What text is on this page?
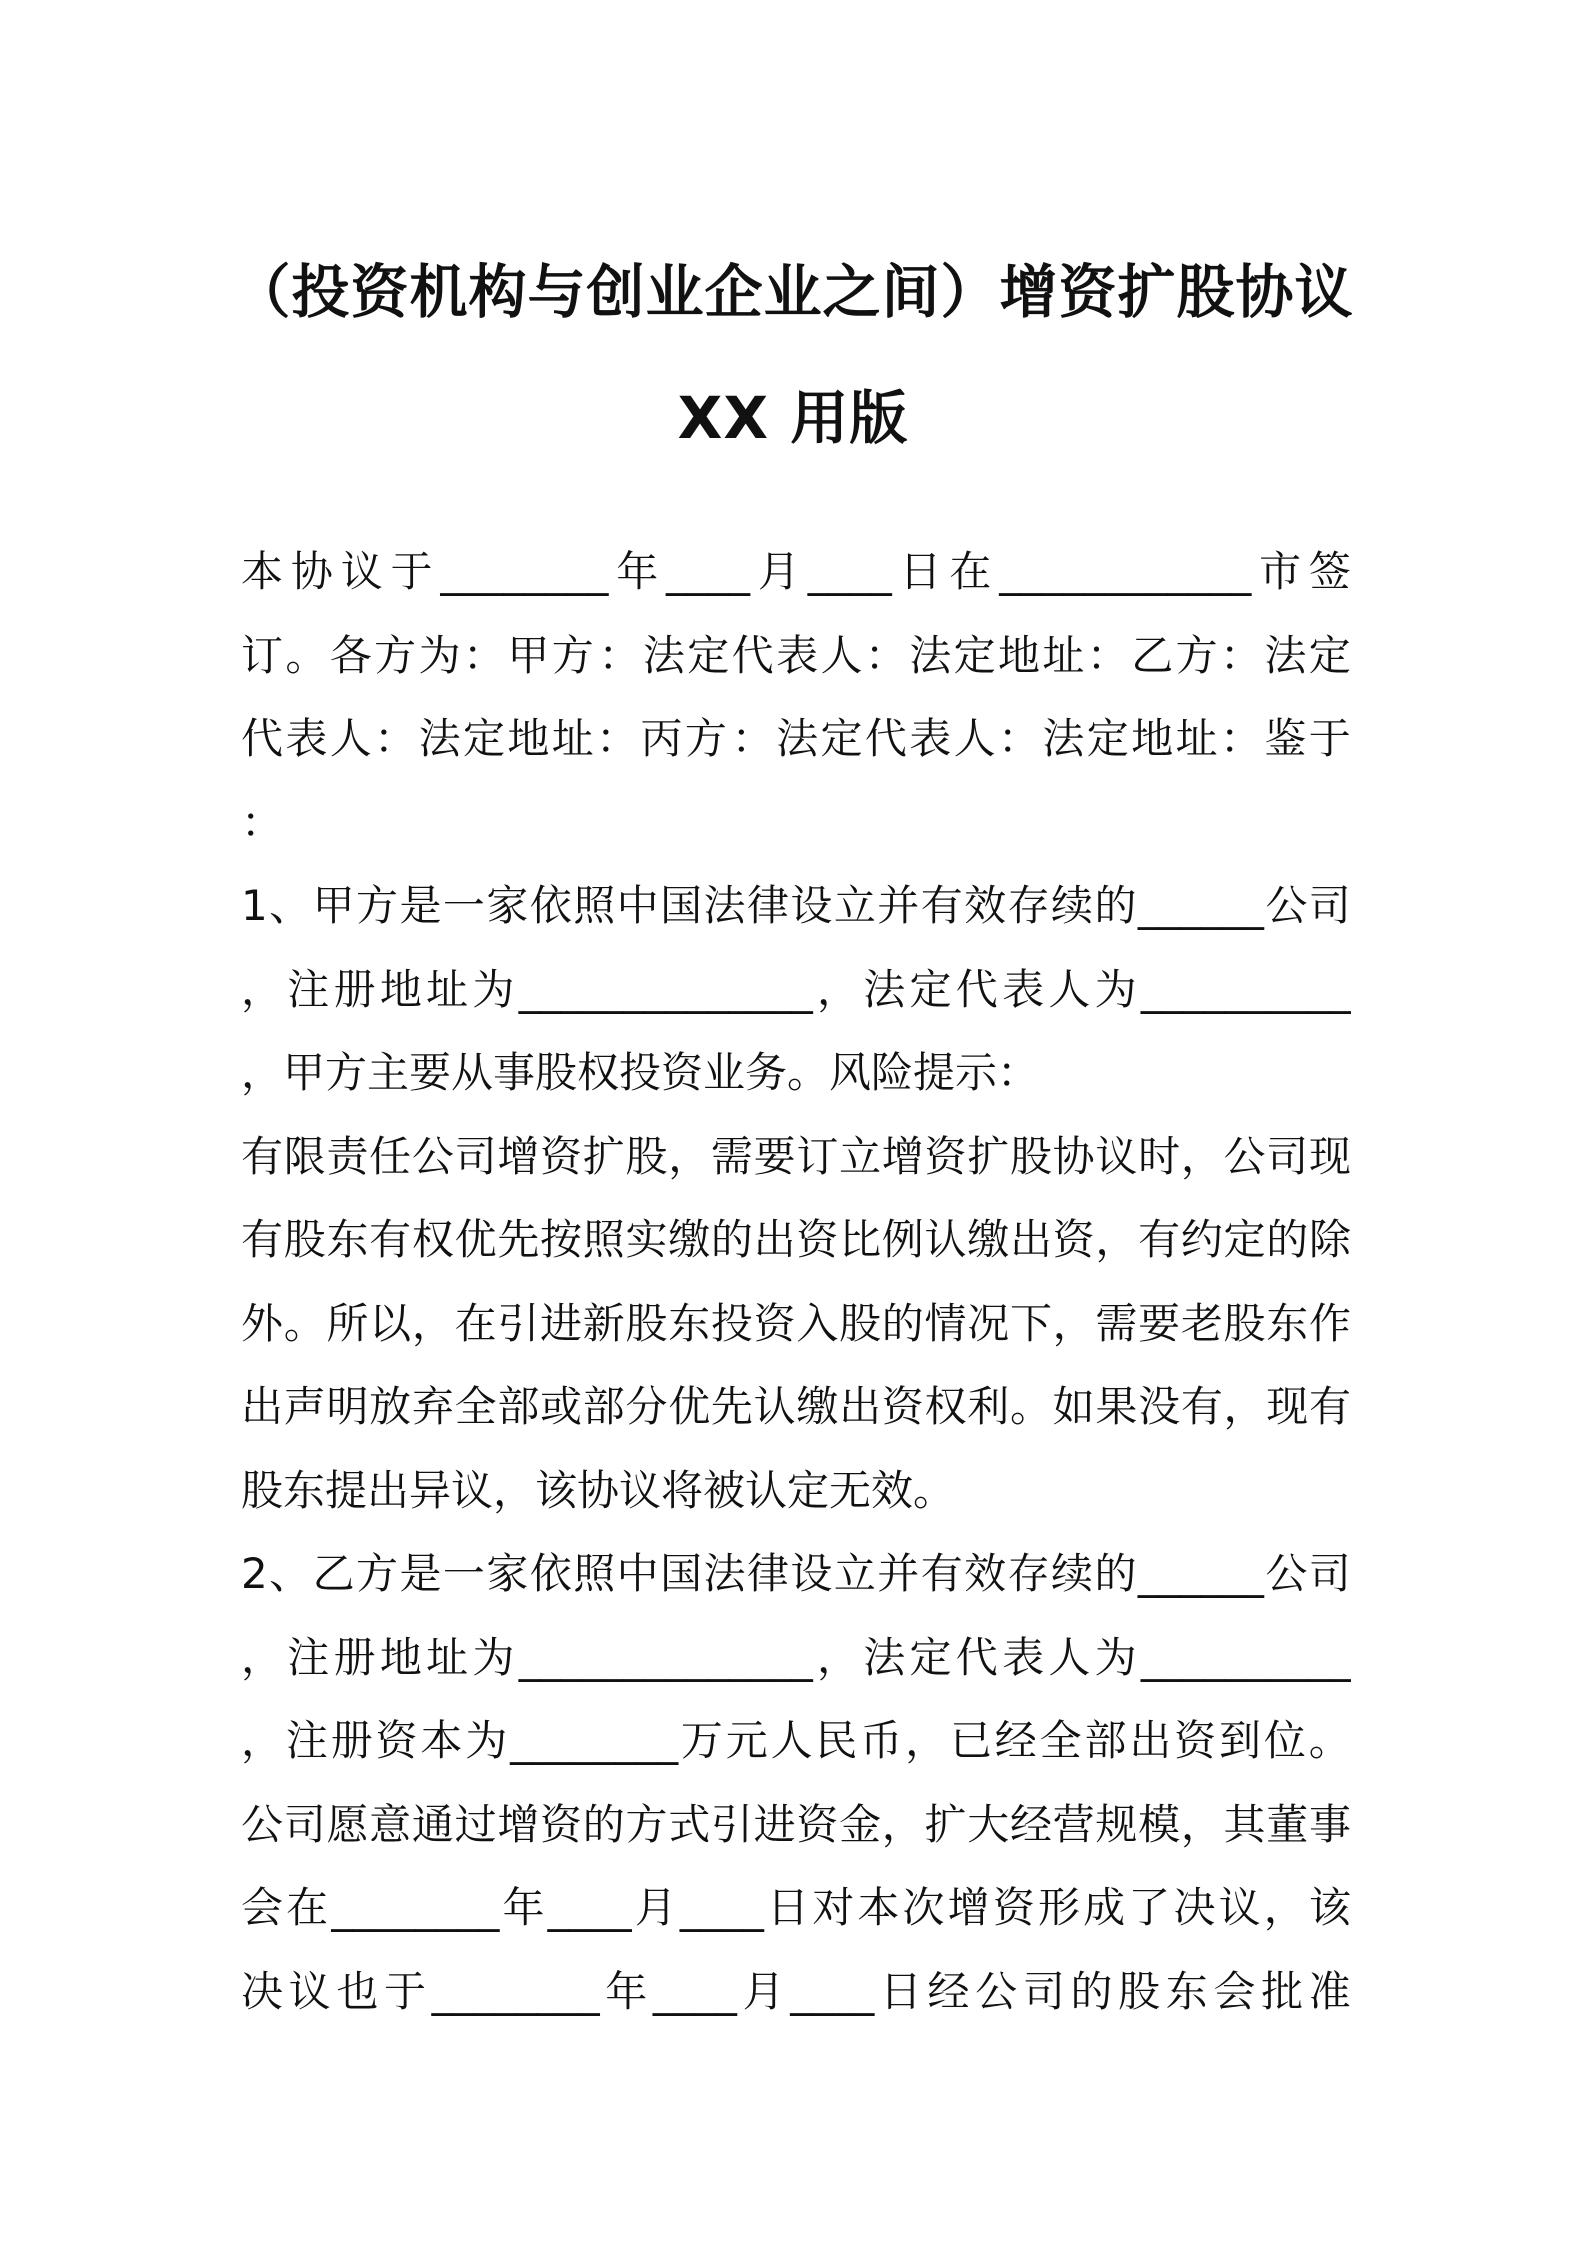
（投资机构与创业企业之间）增资扩股协议
XX 用版
本 协 议 于 ________ 年 ____ 月 ____ 日 在 ____________ 市 签
订 。 各 方 为 ： 甲 方 ： 法 定 代 表 人 ： 法 定 地 址 ： 乙 方 ： 法 定
代 表 人 ： 法 定 地 址 ： 丙 方 ： 法 定 代 表 人 ： 法 定 地 址 ： 鉴 于
：
1 、 甲 方 是 一 家 依 照 中 国 法 律 设 立 并 有 效 存 续 的 ______ 公 司
， 注 册 地 址 为 ______________ ， 法 定 代 表 人 为 __________
，甲方主要从事股权投资业务。风险提示：
有 限 责 任 公 司 增 资 扩 股 ， 需 要 订 立 增 资 扩 股 协 议 时 ， 公 司 现
有 股 东 有 权 优 先 按 照 实 缴 的 出 资 比 例 认 缴 出 资 ， 有 约 定 的 除
外 。 所 以 ， 在 引 进 新 股 东 投 资 入 股 的 情 况 下 ， 需 要 老 股 东 作
出 声 明 放 弃 全 部 或 部 分 优 先 认 缴 出 资 权 利 。 如 果 没 有 ， 现 有
股东提出异议，该协议将被认定无效。
2 、 乙 方 是 一 家 依 照 中 国 法 律 设 立 并 有 效 存 续 的 ______ 公 司
， 注 册 地 址 为 ______________ ， 法 定 代 表 人 为 __________
， 注 册 资 本 为 ________ 万 元 人 民 币 ， 已 经 全 部 出 资 到 位 。
公 司 愿 意 通 过 增 资 的 方 式 引 进 资 金 ， 扩 大 经 营 规 模 ， 其 董 事
会 在 ________ 年 ____ 月 ____ 日 对 本 次 增 资 形 成 了 决 议 ， 该
决 议 也 于 ________ 年 ____ 月 ____ 日 经 公 司 的 股 东 会 批 准
